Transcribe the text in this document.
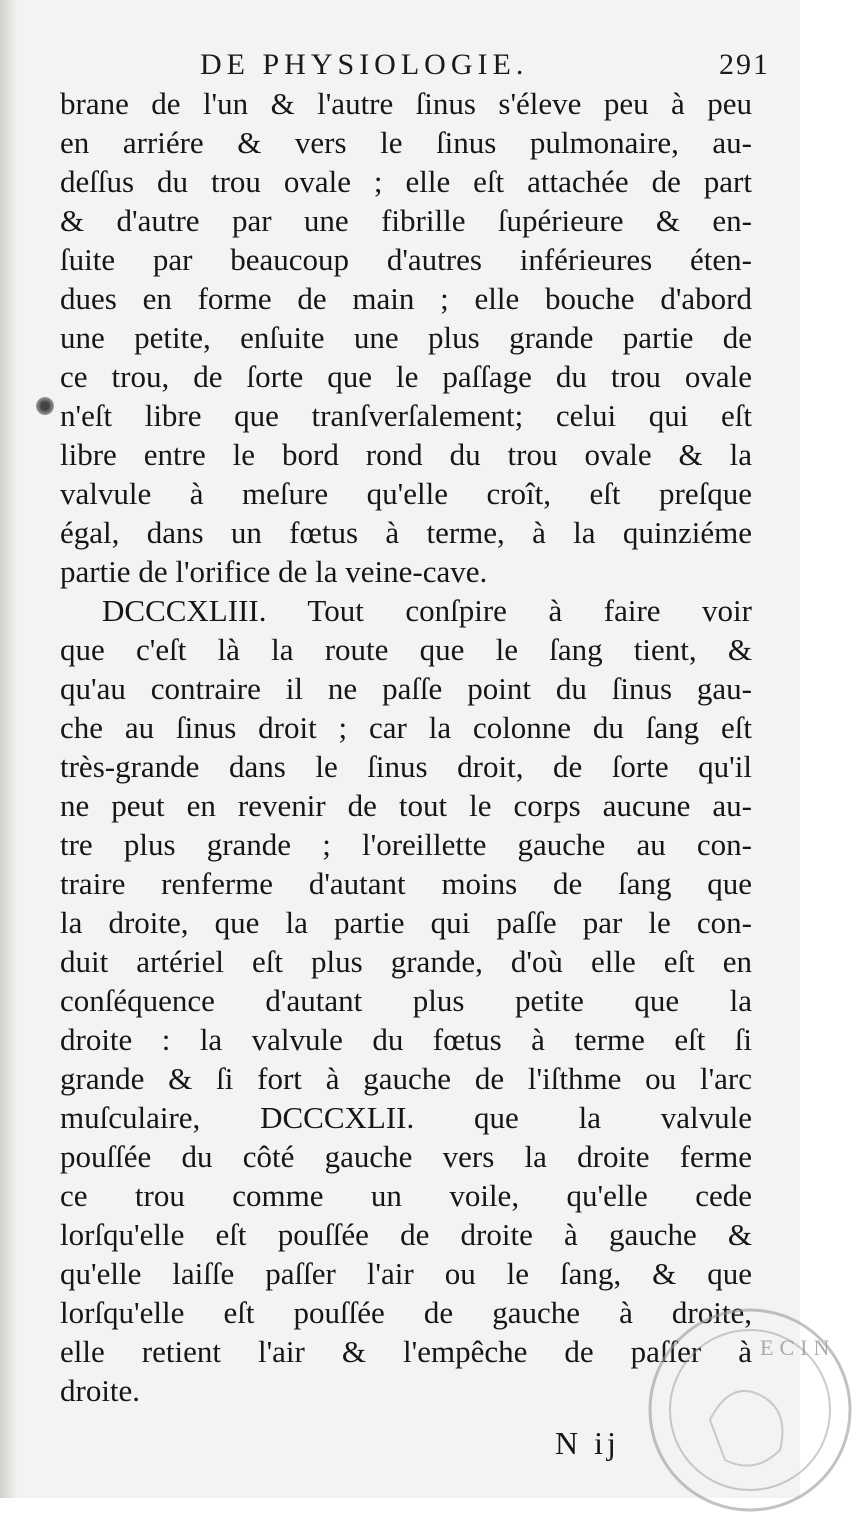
DE PHYSIOLOGIE.	291
brane de l'un & l'autre ſinus s'éleve peu à peu
en arriére & vers le ſinus pulmonaire, au-
deſſus du trou ovale ; elle eſt attachée de part
& d'autre par une fibrille ſupérieure & en-
ſuite par beaucoup d'autres inférieures éten-
dues en forme de main ; elle bouche d'abord
une petite, enſuite une plus grande partie de
ce trou, de ſorte que le paſſage du trou ovale
n'eſt libre que tranſverſalement; celui qui eſt
libre entre le bord rond du trou ovale & la
valvule à meſure qu'elle croît, eſt preſque
égal, dans un fœtus à terme, à la quinziéme
partie de l'orifice de la veine-cave.
DCCCXLIII. Tout conſpire à faire voir
que c'eſt là la route que le ſang tient, &
qu'au contraire il ne paſſe point du ſinus gau-
che au ſinus droit ; car la colonne du ſang eſt
très-grande dans le ſinus droit, de ſorte qu'il
ne peut en revenir de tout le corps aucune au-
tre plus grande ; l'oreillette gauche au con-
traire renferme d'autant moins de ſang que
la droite, que la partie qui paſſe par le con-
duit artériel eſt plus grande, d'où elle eſt en
conſéquence d'autant plus petite que la
droite : la valvule du fœtus à terme eſt ſi
grande & ſi fort à gauche de l'iſthme ou l'arc
muſculaire, DCCCXLII. que la valvule
pouſſée du côté gauche vers la droite ferme
ce trou comme un voile, qu'elle cede
lorſqu'elle eſt pouſſée de droite à gauche &
qu'elle laiſſe paſſer l'air ou le ſang, & que
lorſqu'elle eſt pouſſée de gauche à droite,
elle retient l'air & l'empêche de paſſer à
droite.
N ij
ECIN
